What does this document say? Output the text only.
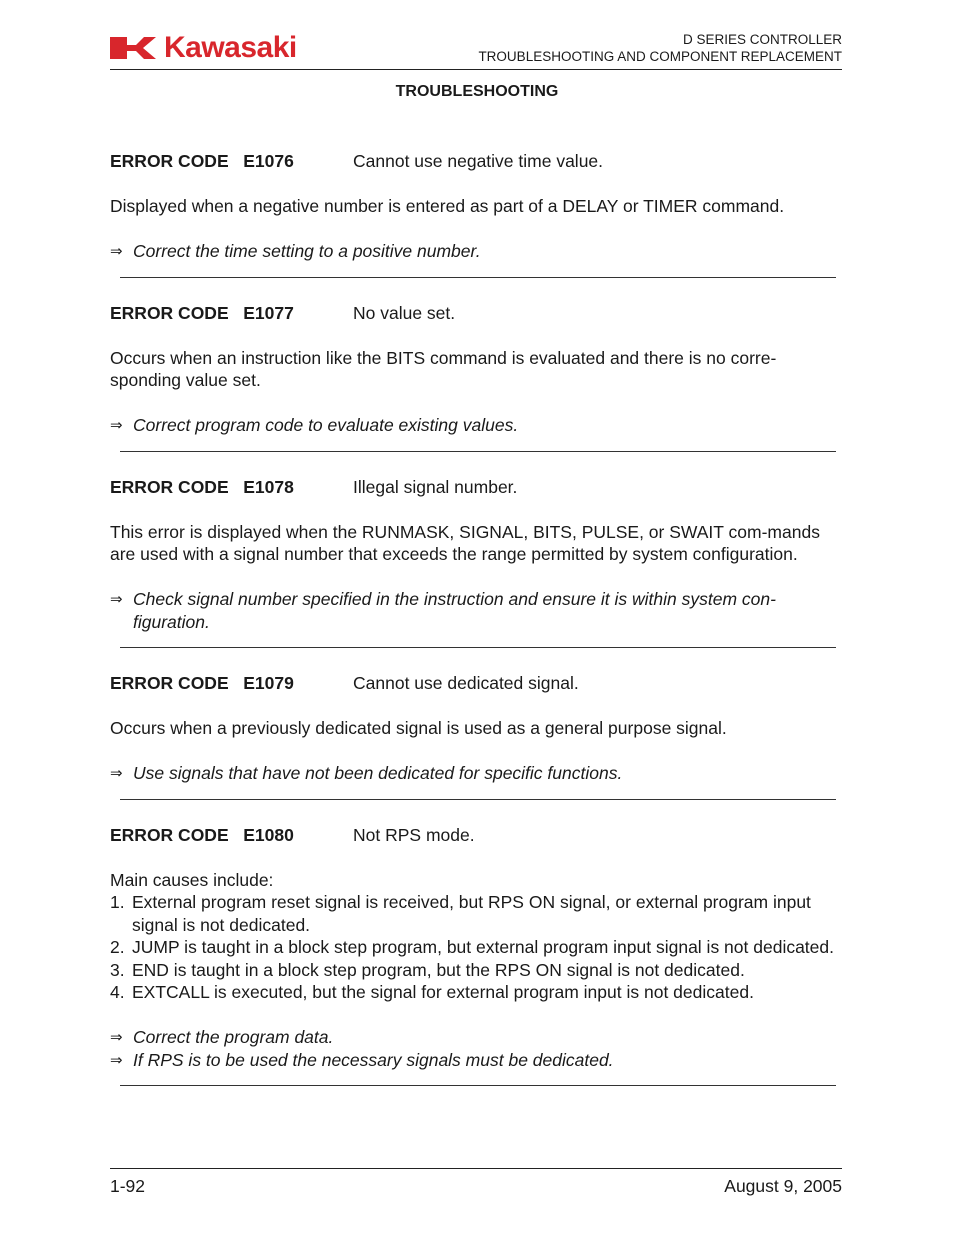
Kawasaki	D SERIES CONTROLLER
TROUBLESHOOTING AND COMPONENT REPLACEMENT
TROUBLESHOOTING
ERROR CODE   E1076	Cannot use negative time value.

Displayed when a negative number is entered as part of a DELAY or TIMER command.

⇒ Correct the time setting to a positive number.
ERROR CODE   E1077	No value set.

Occurs when an instruction like the BITS command is evaluated and there is no corre-sponding value set.

⇒ Correct program code to evaluate existing values.
ERROR CODE   E1078	Illegal signal number.

This error is displayed when the RUNMASK, SIGNAL, BITS, PULSE, or SWAIT com-mands are used with a signal number that exceeds the range permitted by system configuration.

⇒ Check signal number specified in the instruction and ensure it is within system con-figuration.
ERROR CODE   E1079	Cannot use dedicated signal.

Occurs when a previously dedicated signal is used as a general purpose signal.

⇒ Use signals that have not been dedicated for specific functions.
ERROR CODE   E1080	Not RPS mode.

Main causes include:

1. External program reset signal is received, but RPS ON signal, or external program input signal is not dedicated.
2. JUMP is taught in a block step program, but external program input signal is not dedicated.
3. END is taught in a block step program, but the RPS ON signal is not dedicated.
4. EXTCALL is executed, but the signal for external program input is not dedicated.
⇒ Correct the program data.
⇒ If RPS is to be used the necessary signals must be dedicated.
1-92	August 9, 2005
